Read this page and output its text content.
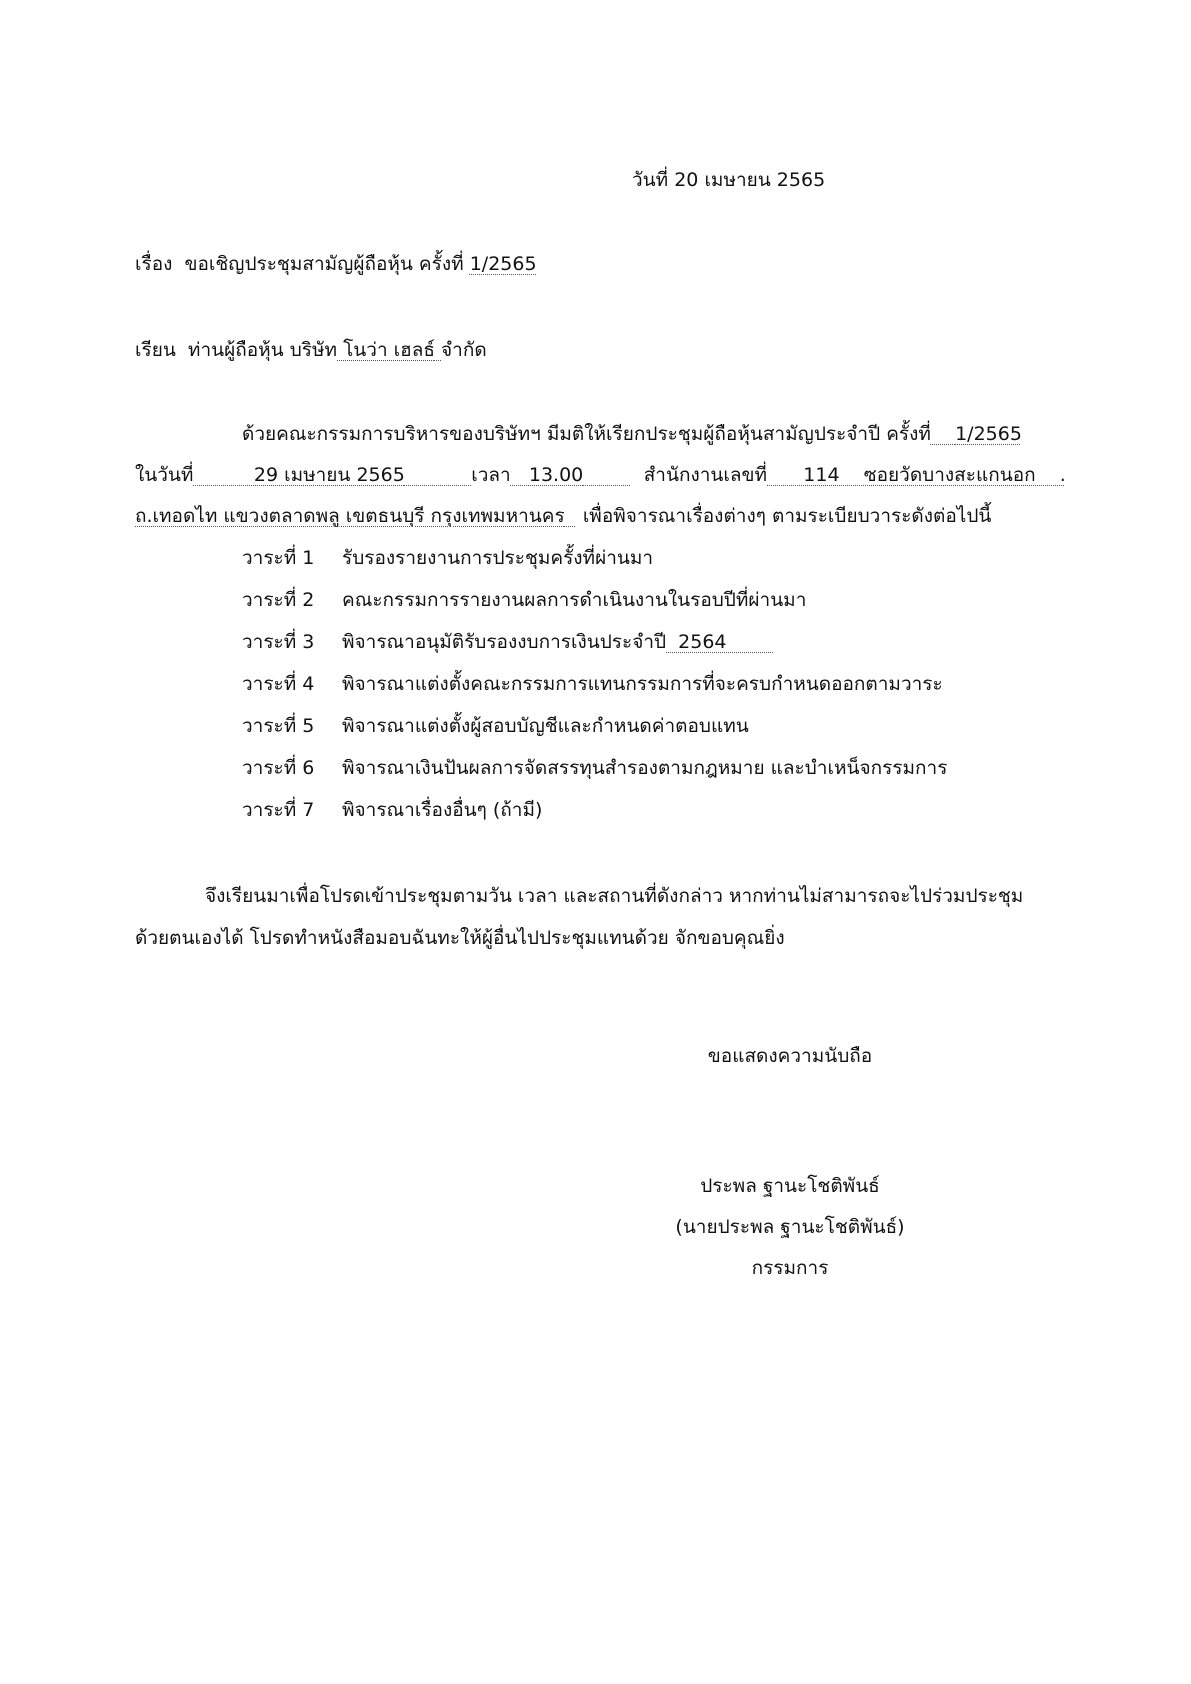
วันที่ 20 เมษายน 2565
เรื่อง ขอเชิญประชุมสามัญผู้ถือหุ้น ครั้งที่ 1/2565
เรียน ท่านผู้ถือหุ้น บริษัท โนว่า เฮลธ์ จำกัด
ด้วยคณะกรรมการบริหารของบริษัทฯ มีมติให้เรียกประชุมผู้ถือหุ้นสามัญประจำปี ครั้งที่ 1/2565
ในวันที่	29 เมษายน 2565	เวลา 13.00	สำนักงานเลขที่ 114 ซอยวัดบางสะแกนอก    .
ถ.เทอดไท แขวงตลาดพลู เขตธนบุรี กรุงเทพมหานคร เพื่อพิจารณาเรื่องต่างๆ ตามระเบียบวาระดังต่อไปนี้
วาระที่ 1 รับรองรายงานการประชุมครั้งที่ผ่านมา
วาระที่ 2 คณะกรรมการรายงานผลการดำเนินงานในรอบปีที่ผ่านมา
วาระที่ 3 พิจารณาอนุมัติรับรองงบการเงินประจำปี 2564
วาระที่ 4 พิจารณาแต่งตั้งคณะกรรมการแทนกรรมการที่จะครบกำหนดออกตามวาระ
วาระที่ 5 พิจารณาแต่งตั้งผู้สอบบัญชีและกำหนดค่าตอบแทน
วาระที่ 6 พิจารณาเงินปันผลการจัดสรรทุนสำรองตามกฎหมาย และบำเหน็จกรรมการ
วาระที่ 7 พิจารณาเรื่องอื่นๆ (ถ้ามี)
จึงเรียนมาเพื่อโปรดเข้าประชุมตามวัน เวลา และสถานที่ดังกล่าว หากท่านไม่สามารถจะไปร่วมประชุม
ด้วยตนเองได้ โปรดทำหนังสือมอบฉันทะให้ผู้อื่นไปประชุมแทนด้วย จักขอบคุณยิ่ง
ขอแสดงความนับถือ
ประพล ฐานะโชติพันธ์
(นายประพล ฐานะโชติพันธ์)
กรรมการ
